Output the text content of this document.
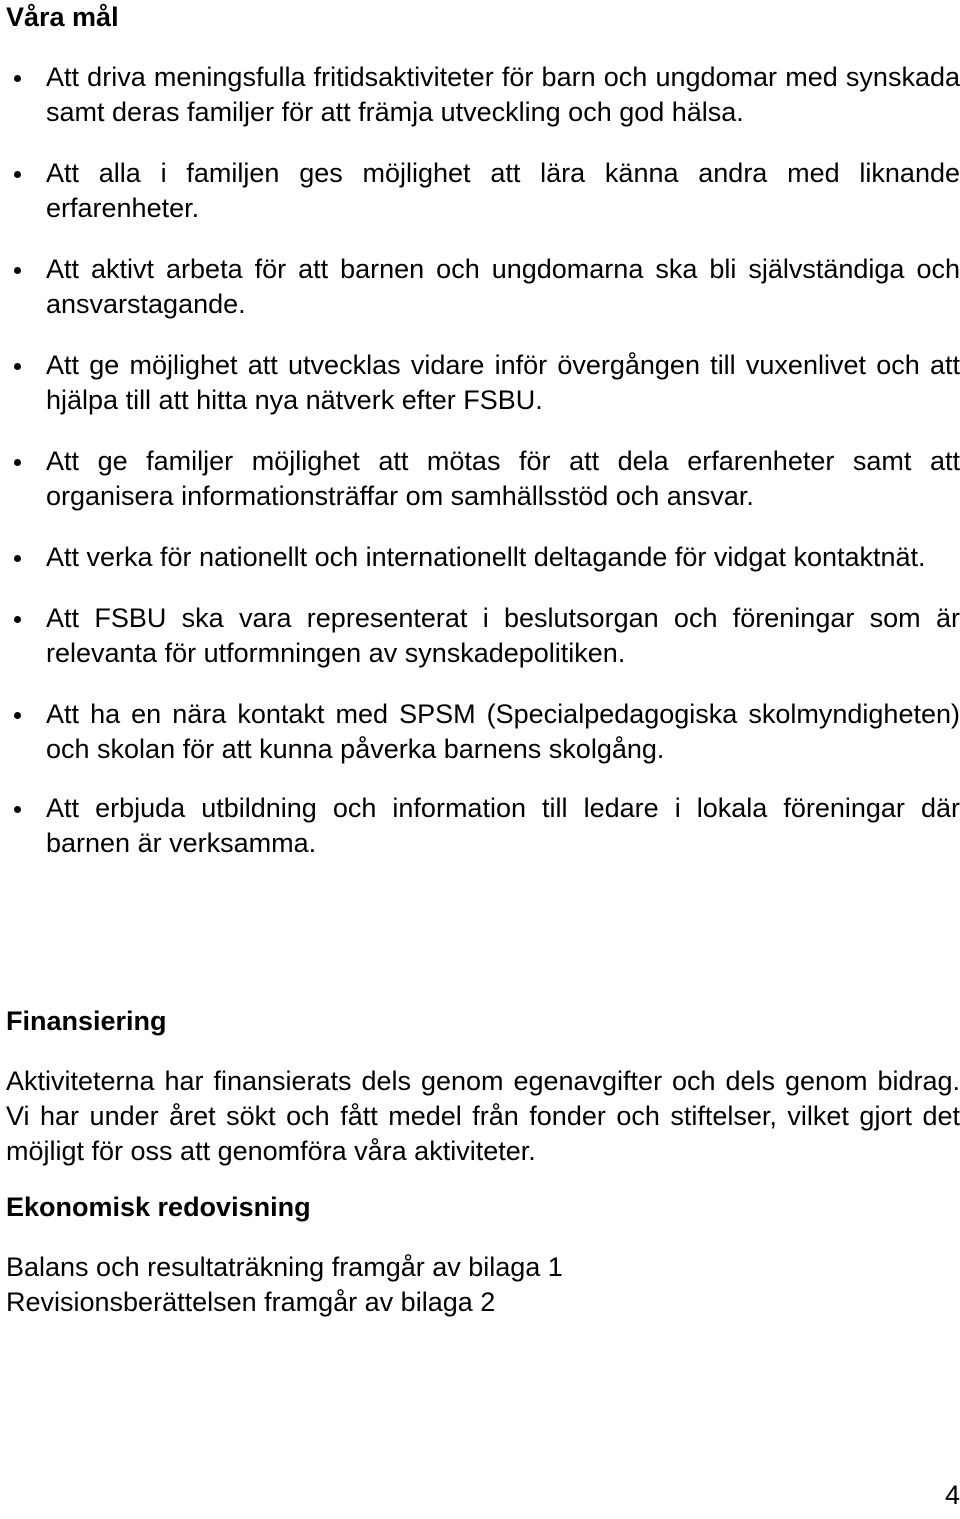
Våra mål
Att driva meningsfulla fritidsaktiviteter för barn och ungdomar med synskada samt deras familjer för att främja utveckling och god hälsa.
Att alla i familjen ges möjlighet att lära känna andra med liknande erfarenheter.
Att aktivt arbeta för att barnen och ungdomarna ska bli självständiga och ansvarstagande.
Att ge möjlighet att utvecklas vidare inför övergången till vuxenlivet och att hjälpa till att hitta nya nätverk efter FSBU.
Att ge familjer möjlighet att mötas för att dela erfarenheter samt att organisera informationsträffar om samhällsstöd och ansvar.
Att verka för nationellt och internationellt deltagande för vidgat kontaktnät.
Att FSBU ska vara representerat i beslutsorgan och föreningar som är relevanta för utformningen av synskadepolitiken.
Att ha en nära kontakt med SPSM (Specialpedagogiska skolmyndigheten) och skolan för att kunna påverka barnens skolgång.
Att erbjuda utbildning och information till ledare i lokala föreningar där barnen är verksamma.
Finansiering

Aktiviteterna har finansierats dels genom egenavgifter och dels genom bidrag. Vi har under året sökt och fått medel från fonder och stiftelser, vilket gjort det möjligt för oss att genomföra våra aktiviteter.

Ekonomisk redovisning

Balans och resultaträkning framgår av bilaga 1

Revisionsberättelsen framgår av bilaga 2

4
